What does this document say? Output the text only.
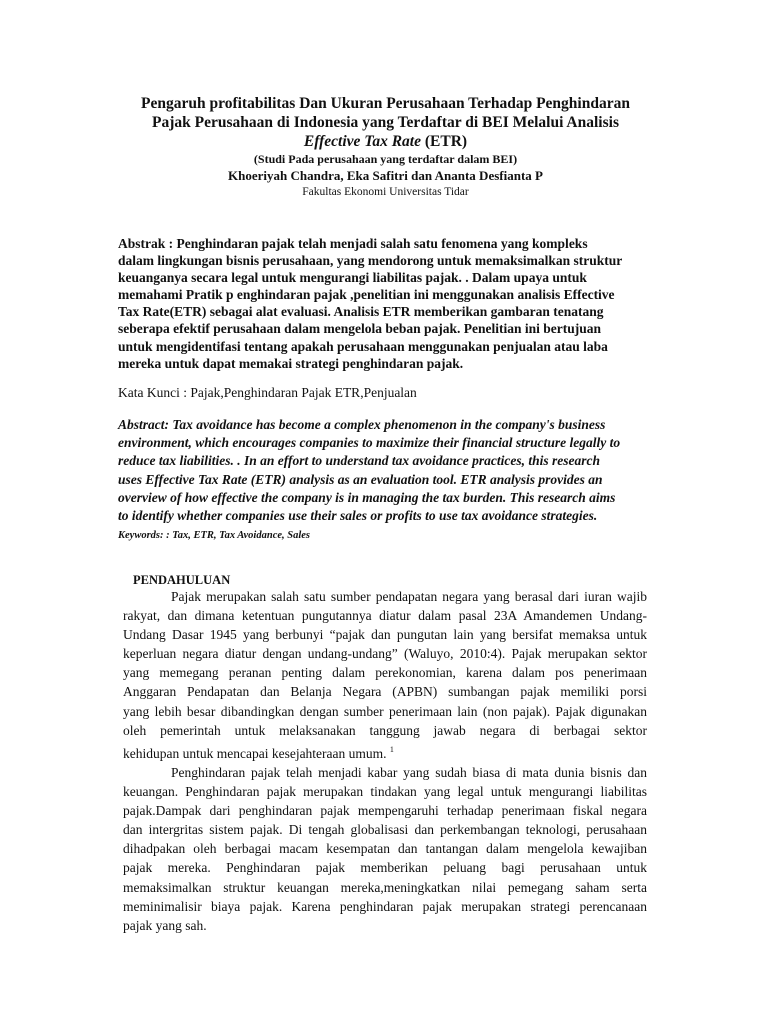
Pengaruh profitabilitas Dan Ukuran Perusahaan Terhadap Penghindaran
Pajak Perusahaan di Indonesia yang Terdaftar di BEI Melalui Analisis
Effective Tax Rate (ETR)
(Studi Pada perusahaan yang terdaftar dalam BEI)
Khoeriyah Chandra, Eka Safitri dan Ananta Desfianta P
Fakultas Ekonomi Universitas Tidar
Abstrak : Penghindaran pajak telah menjadi salah satu fenomena yang kompleks
dalam lingkungan bisnis perusahaan, yang mendorong untuk memaksimalkan struktur
keuanganya secara legal untuk mengurangi liabilitas pajak. . Dalam upaya untuk
memahami Pratik p enghindaran pajak ,penelitian ini menggunakan analisis Effective
Tax Rate(ETR) sebagai alat evaluasi. Analisis ETR memberikan gambaran tenatang
seberapa efektif perusahaan dalam mengelola beban pajak. Penelitian ini bertujuan
untuk mengidentifasi tentang apakah perusahaan menggunakan penjualan atau laba
mereka untuk dapat memakai strategi penghindaran pajak.
Kata Kunci : Pajak,Penghindaran Pajak ETR,Penjualan
Abstract: Tax avoidance has become a complex phenomenon in the company's business
environment, which encourages companies to maximize their financial structure legally to
reduce tax liabilities. . In an effort to understand tax avoidance practices, this research
uses Effective Tax Rate (ETR) analysis as an evaluation tool. ETR analysis provides an
overview of how effective the company is in managing the tax burden. This research aims
to identify whether companies use their sales or profits to use tax avoidance strategies.
Keywords: : Tax, ETR, Tax Avoidance, Sales
PENDAHULUAN
Pajak merupakan salah satu sumber pendapatan negara yang berasal dari iuran wajib
rakyat, dan dimana ketentuan pungutannya diatur dalam pasal 23A Amandemen Undang-
Undang Dasar 1945 yang berbunyi “pajak dan pungutan lain yang bersifat memaksa untuk
keperluan negara diatur dengan undang-undang” (Waluyo, 2010:4). Pajak merupakan sektor
yang memegang peranan penting dalam perekonomian, karena dalam pos penerimaan
Anggaran Pendapatan dan Belanja Negara (APBN) sumbangan pajak memiliki porsi
yang lebih besar dibandingkan dengan sumber penerimaan lain (non pajak). Pajak digunakan
oleh pemerintah untuk melaksanakan tanggung jawab negara di berbagai sektor
kehidupan untuk mencapai kesejahteraan umum. $^1$
Penghindaran pajak telah menjadi kabar yang sudah biasa di mata dunia bisnis dan
keuangan. Penghindaran pajak merupakan tindakan yang legal untuk mengurangi liabilitas
pajak.Dampak dari penghindaran pajak mempengaruhi terhadap penerimaan fiskal negara
dan intergritas sistem pajak. Di tengah globalisasi dan perkembangan teknologi, perusahaan
dihadpakan oleh berbagai macam kesempatan dan tantangan dalam mengelola kewajiban
pajak mereka. Penghindaran pajak memberikan peluang bagi perusahaan untuk
memaksimalkan struktur keuangan mereka,meningkatkan nilai pemegang saham serta
meminimalisir biaya pajak. Karena penghindaran pajak merupakan strategi perencanaan
pajak yang sah.
